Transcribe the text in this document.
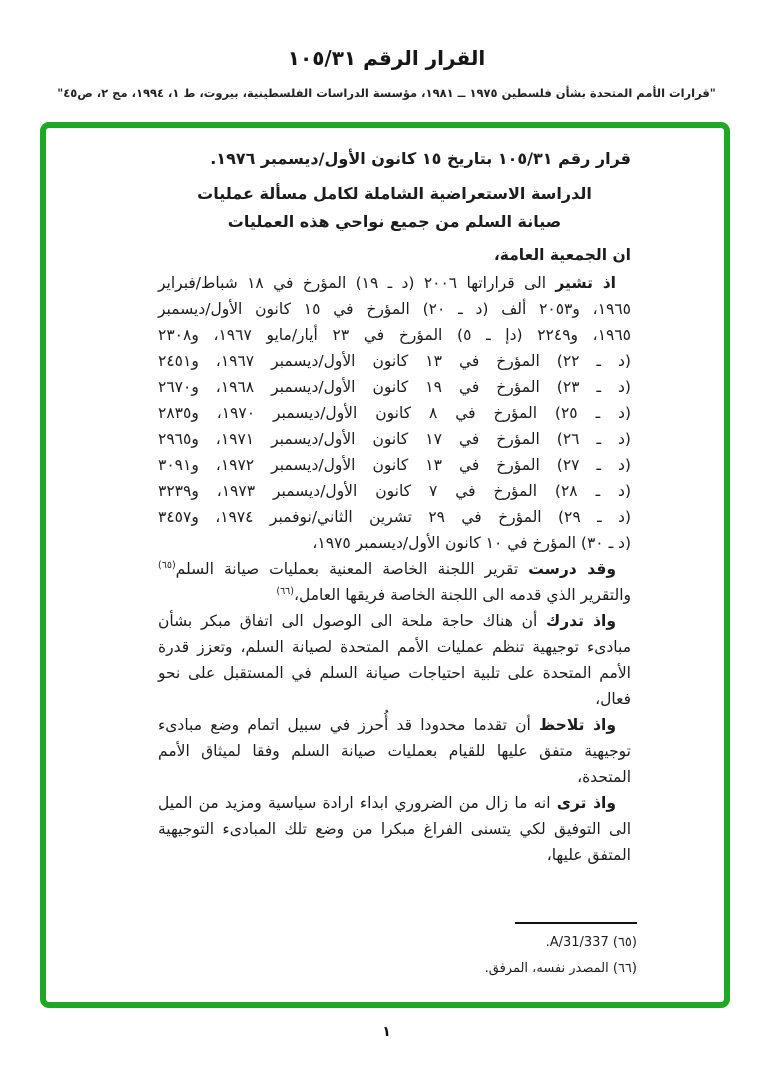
القرار الرقم ١٠٥/٣١
"قرارات الأمم المتحدة بشأن فلسطين ١٩٧٥ ــ ١٩٨١، مؤسسة الدراسات الفلسطينية، بيروت، ط ١، ١٩٩٤، مج ٢، ص٤٥"
قرار رقم ١٠٥/٣١ بتاريخ ١٥ كانون الأول/ديسمبر ١٩٧٦.
الدراسة الاستعراضية الشاملة لكامل مسألة عمليات
صيانة السلم من جميع نواحي هذه العمليات
ان الجمعية العامة،
اذ تشير الى قراراتها ٢٠٠٦ (د ـ ١٩) المؤرخ في ١٨ شباط/فبراير
١٩٦٥، و٢٠٥٣ ألف (د ـ ٢٠) المؤرخ في ١٥ كانون الأول/ديسمبر
١٩٦٥، و٢٢٤٩ (دإ ـ ٥) المؤرخ في ٢٣ أيار/مايو ١٩٦٧، و٢٣٠٨
(د ـ ٢٢) المؤرخ في ١٣ كانون الأول/ديسمبر ١٩٦٧، و٢٤٥١
(د ـ ٢٣) المؤرخ في ١٩ كانون الأول/ديسمبر ١٩٦٨، و٢٦٧٠
(د ـ ٢٥) المؤرخ في ٨ كانون الأول/ديسمبر ١٩٧٠، و٢٨٣٥
(د ـ ٢٦) المؤرخ في ١٧ كانون الأول/ديسمبر ١٩٧١، و٢٩٦٥
(د ـ ٢٧) المؤرخ في ١٣ كانون الأول/ديسمبر ١٩٧٢، و٣٠٩١
(د ـ ٢٨) المؤرخ في ٧ كانون الأول/ديسمبر ١٩٧٣، و٣٢٣٩
(د ـ ٢٩) المؤرخ في ٢٩ تشرين الثاني/نوفمبر ١٩٧٤، و٣٤٥٧
(د ـ ٣٠) المؤرخ في ١٠ كانون الأول/ديسمبر ١٩٧٥،
وقد درست تقرير اللجنة الخاصة المعنية بعمليات صيانة السلم$^{(٦٥)}$ والتقرير الذي قدمه الى اللجنة الخاصة فريقها العامل،$^{(٦٦)}$
واذ تدرك أن هناك حاجة ملحة الى الوصول الى اتفاق مبكر بشأن مبادىء توجيهية تنظم عمليات الأمم المتحدة لصيانة السلم، وتعزز قدرة الأمم المتحدة على تلبية احتياجات صيانة السلم في المستقبل على نحو فعال،
واذ تلاحظ أن تقدما محدودا قد أُحرز في سبيل اتمام وضع مبادىء توجيهية متفق عليها للقيام بعمليات صيانة السلم وفقا لميثاق الأمم المتحدة،
واذ ترى انه ما زال من الضروري ابداء ارادة سياسية ومزيد من الميل الى التوفيق لكي يتسنى الفراغ مبكرا من وضع تلك المبادىء التوجيهية المتفق عليها،
(٦٥) A/31/337.
(٦٦) المصدر نفسه، المرفق.
١
